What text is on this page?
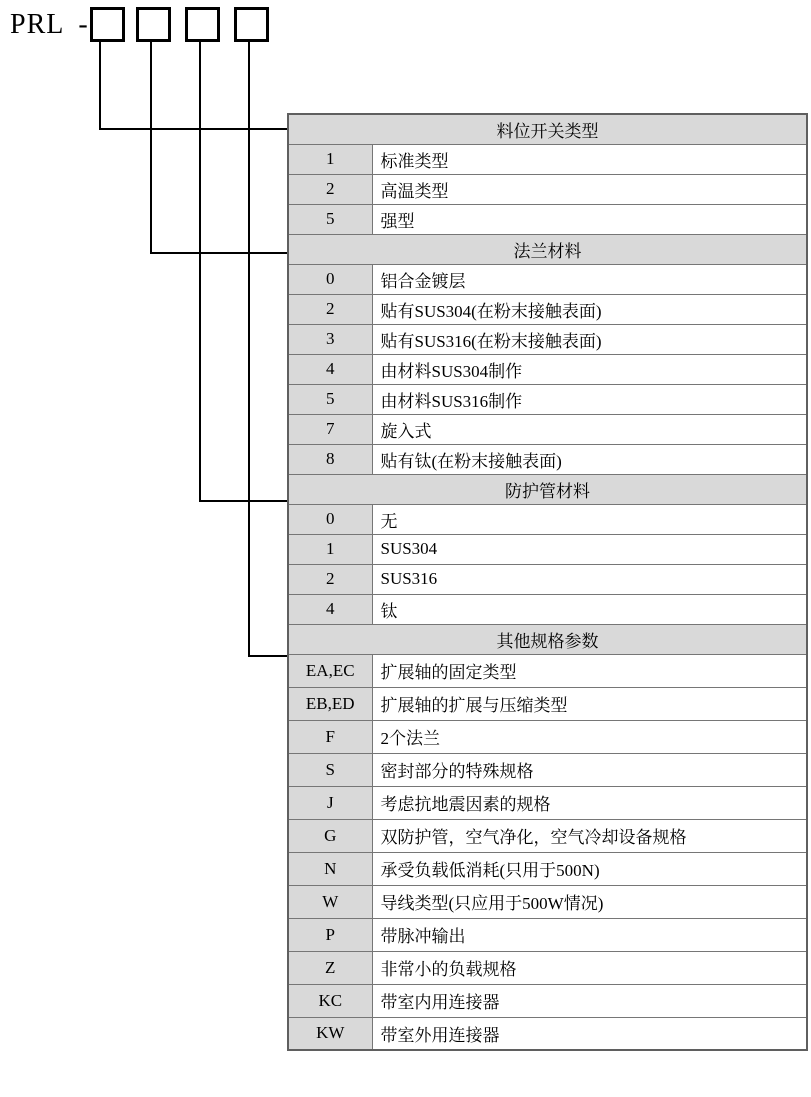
PRL -
料位开关类型	
1	标准类型
2	高温类型
5	强型
法兰材料	
0	铝合金镀层
2	贴有SUS304(在粉末接触表面)
3	贴有SUS316(在粉末接触表面)
4	由材料SUS304制作
5	由材料SUS316制作
7	旋入式
8	贴有钛(在粉末接触表面)
防护管材料	
0	无
1	SUS304
2	SUS316
4	钛
其他规格参数	
EA,EC	扩展轴的固定类型
EB,ED	扩展轴的扩展与压缩类型
F	2个法兰
S	密封部分的特殊规格
J	考虑抗地震因素的规格
G	双防护管，空气净化，空气冷却设备规格
N	承受负载低消耗(只用于500N)
W	导线类型(只应用于500W情况)
P	带脉冲输出
Z	非常小的负载规格
KC	带室内用连接器
KW	带室外用连接器
